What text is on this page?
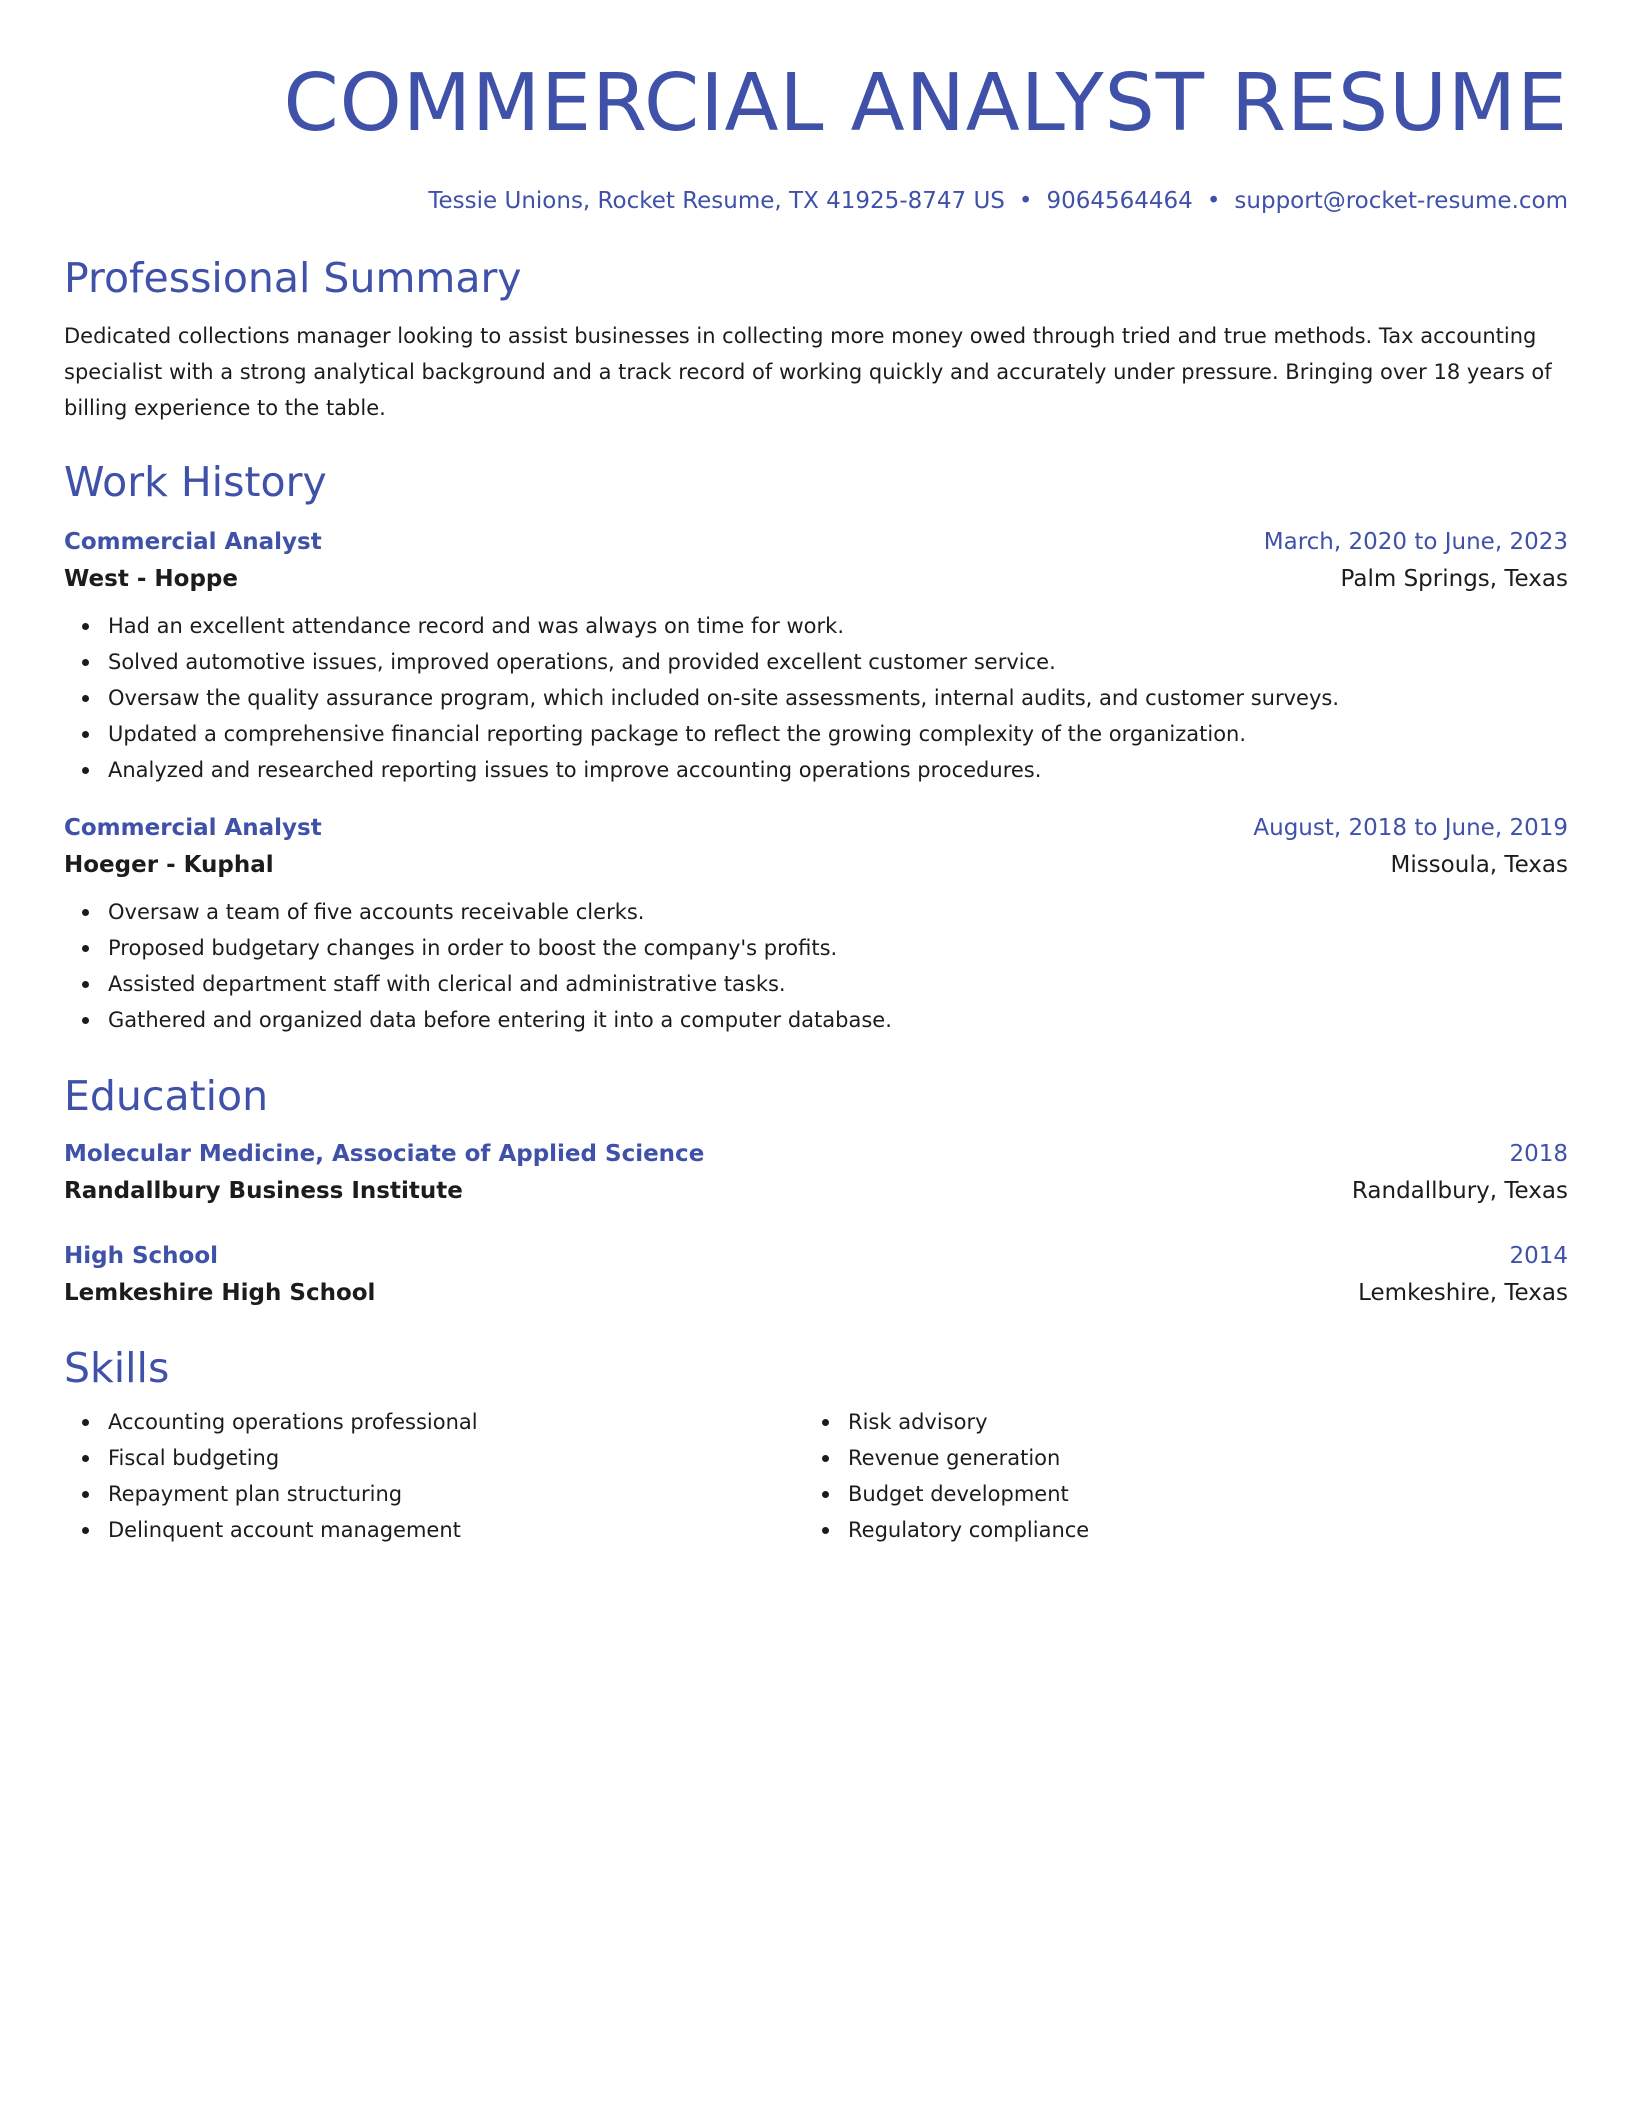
COMMERCIAL ANALYST RESUME
Tessie Unions, Rocket Resume, TX 41925-8747 US • 9064564464 • support@rocket-resume.com
Professional Summary
Dedicated collections manager looking to assist businesses in collecting more money owed through tried and true methods. Tax accounting specialist with a strong analytical background and a track record of working quickly and accurately under pressure. Bringing over 18 years of billing experience to the table.
Work History
Commercial Analyst	March, 2020 to June, 2023
West - Hoppe	Palm Springs, Texas
Had an excellent attendance record and was always on time for work.
Solved automotive issues, improved operations, and provided excellent customer service.
Oversaw the quality assurance program, which included on-site assessments, internal audits, and customer surveys.
Updated a comprehensive financial reporting package to reflect the growing complexity of the organization.
Analyzed and researched reporting issues to improve accounting operations procedures.
Commercial Analyst	August, 2018 to June, 2019
Hoeger - Kuphal	Missoula, Texas
Oversaw a team of five accounts receivable clerks.
Proposed budgetary changes in order to boost the company's profits.
Assisted department staff with clerical and administrative tasks.
Gathered and organized data before entering it into a computer database.
Education
Molecular Medicine, Associate of Applied Science	2018
Randallbury Business Institute	Randallbury, Texas
High School	2014
Lemkeshire High School	Lemkeshire, Texas
Skills
Accounting operations professional
Fiscal budgeting
Repayment plan structuring
Delinquent account management
Risk advisory
Revenue generation
Budget development
Regulatory compliance
